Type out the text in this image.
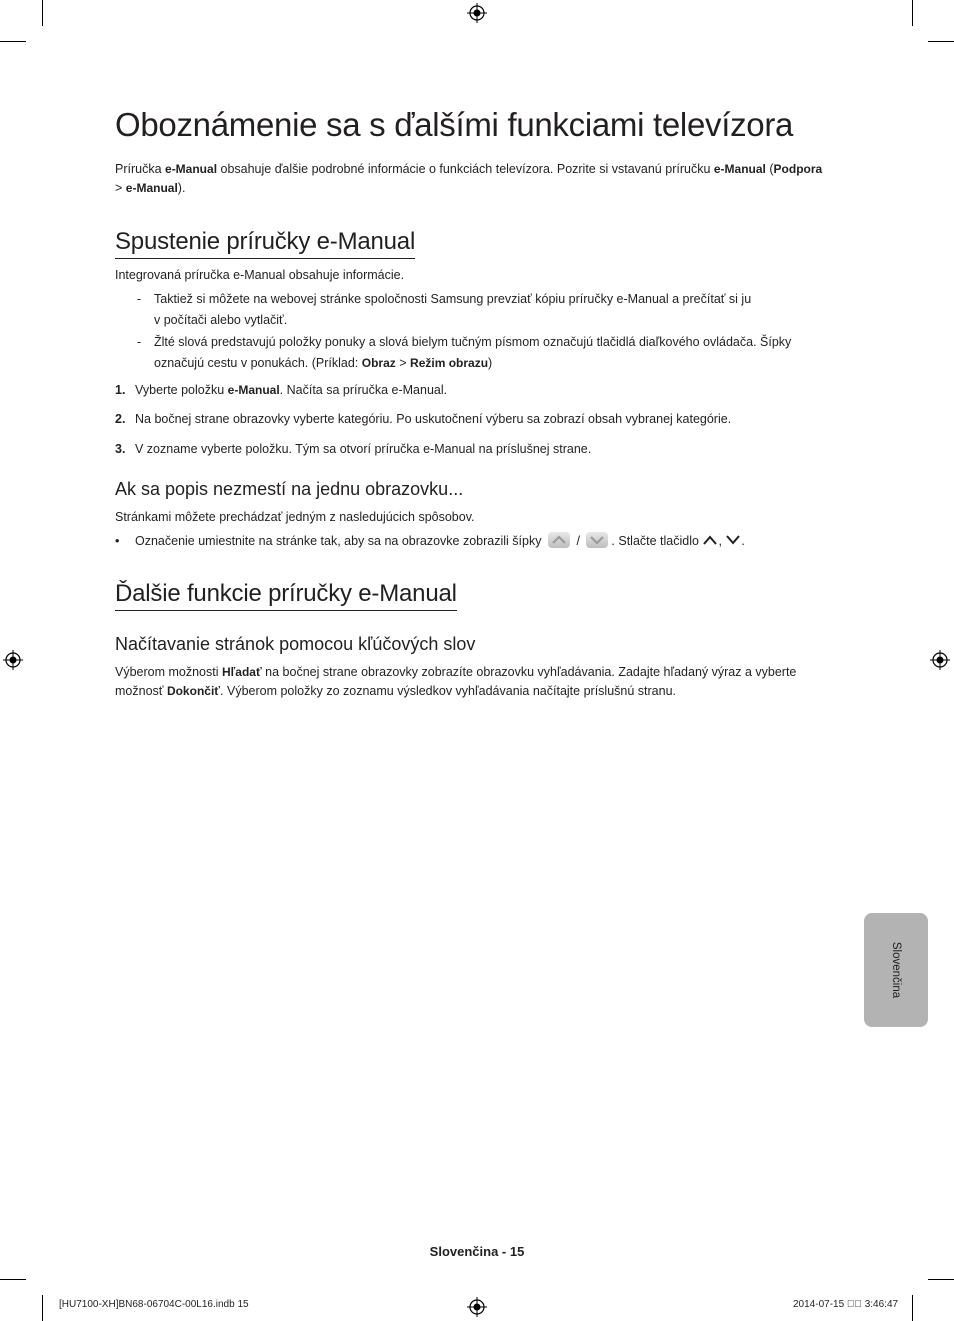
Oboznámenie sa s ďalšími funkciami televízora

Príručka e-Manual obsahuje ďalšie podrobné informácie o funkciách televízora. Pozrite si vstavanú príručku e-Manual (Podpora
> e-Manual).

Spustenie príručky e-Manual

Integrovaná príručka e-Manual obsahuje informácie.

- Taktiež si môžete na webovej stránke spoločnosti Samsung prevziať kópiu príručky e-Manual a prečítať si ju
v počítači alebo vytlačiť.
- Žlté slová predstavujú položky ponuky a slová bielym tučným písmom označujú tlačidlá diaľkového ovládača. Šípky
označujú cestu v ponukách. (Príklad: Obraz > Režim obrazu)
1. Vyberte položku e-Manual. Načíta sa príručka e-Manual.
2. Na bočnej strane obrazovky vyberte kategóriu. Po uskutočnení výberu sa zobrazí obsah vybranej kategórie.
3. V zozname vyberte položku. Tým sa otvorí príručka e-Manual na príslušnej strane.
Ak sa popis nezmestí na jednu obrazovku...

Stránkami môžete prechádzať jedným z nasledujúcich spôsobov.

• Označenie umiestnite na stránke tak, aby sa na obrazovke zobrazili šípky	/	. Stlačte tlačidlo , .
Ďalšie funkcie príručky e-Manual
Načítavanie stránok pomocou kľúčových slov

Výberom možnosti Hľadať na bočnej strane obrazovky zobrazíte obrazovku vyhľadávania. Zadajte hľadaný výraz a vyberte
možnosť Dokončiť. Výberom položky zo zoznamu výsledkov vyhľadávania načítajte príslušnú stranu.

Slovenčina
Slovenčina - 15
[HU7100-XH]BN68-06704C-00L16.indb 15	2014-07-15 ￿￿ 3:46:47
